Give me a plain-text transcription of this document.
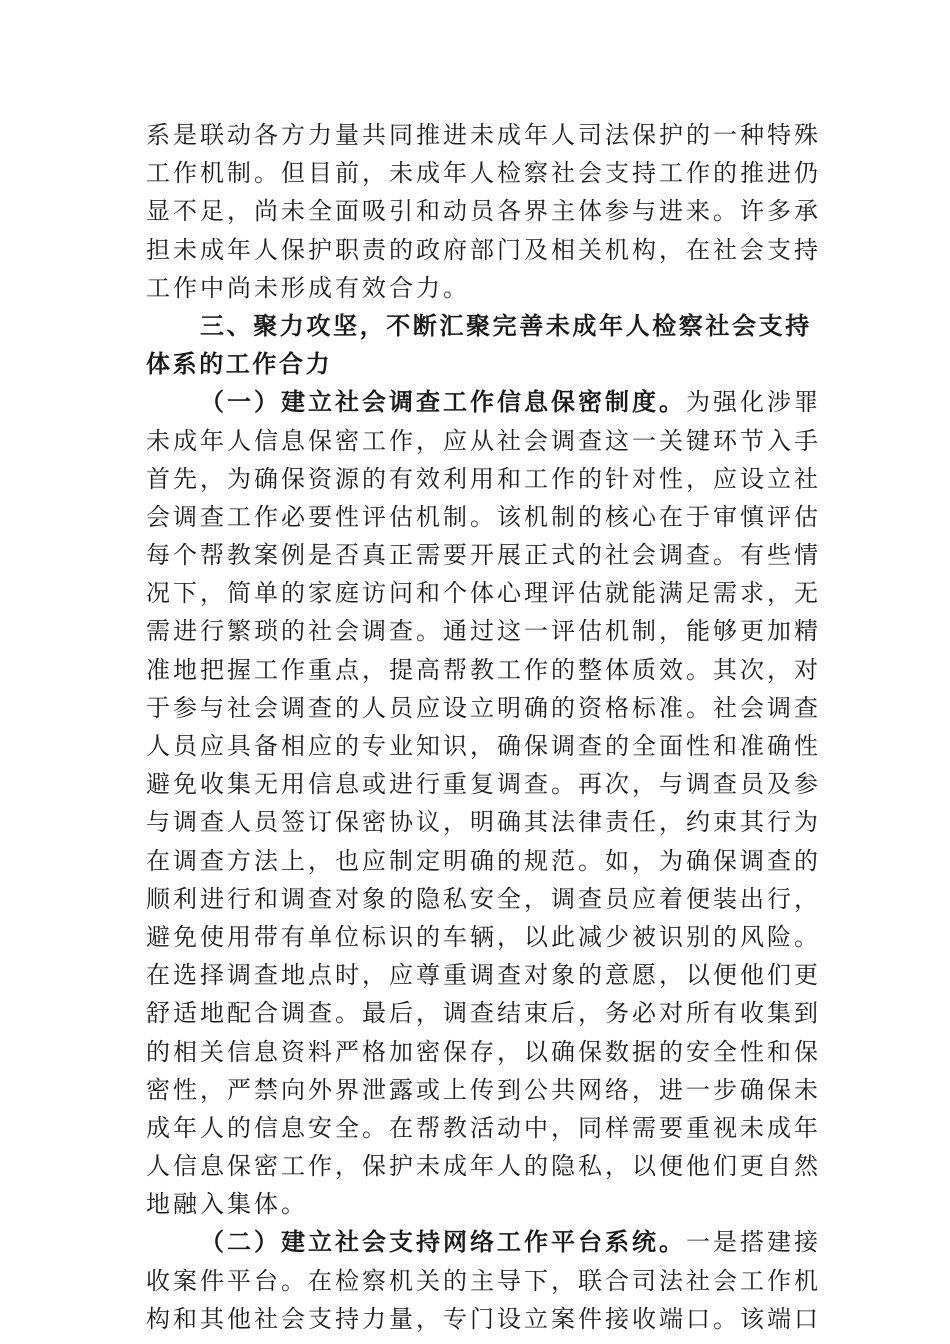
系是联动各方力量共同推进未成年人司法保护的一种特殊
工作机制。但目前，未成年人检察社会支持工作的推进仍
显不足，尚未全面吸引和动员各界主体参与进来。许多承
担未成年人保护职责的政府部门及相关机构，在社会支持
工作中尚未形成有效合力。
三、聚力攻坚，不断汇聚完善未成年人检察社会支持
体系的工作合力
（一）建立社会调查工作信息保密制度。为强化涉罪
未成年人信息保密工作，应从社会调查这一关键环节入手
首先，为确保资源的有效利用和工作的针对性，应设立社
会调查工作必要性评估机制。该机制的核心在于审慎评估
每个帮教案例是否真正需要开展正式的社会调查。有些情
况下，简单的家庭访问和个体心理评估就能满足需求，无
需进行繁琐的社会调查。通过这一评估机制，能够更加精
准地把握工作重点，提高帮教工作的整体质效。其次，对
于参与社会调查的人员应设立明确的资格标准。社会调查
人员应具备相应的专业知识，确保调查的全面性和准确性
避免收集无用信息或进行重复调查。再次，与调查员及参
与调查人员签订保密协议，明确其法律责任，约束其行为
在调查方法上，也应制定明确的规范。如，为确保调查的
顺利进行和调查对象的隐私安全，调查员应着便装出行，
避免使用带有单位标识的车辆，以此减少被识别的风险。
在选择调查地点时，应尊重调查对象的意愿，以便他们更
舒适地配合调查。最后，调查结束后，务必对所有收集到
的相关信息资料严格加密保存，以确保数据的安全性和保
密性，严禁向外界泄露或上传到公共网络，进一步确保未
成年人的信息安全。在帮教活动中，同样需要重视未成年
人信息保密工作，保护未成年人的隐私，以便他们更自然
地融入集体。
（二）建立社会支持网络工作平台系统。一是搭建接
收案件平台。在检察机关的主导下，联合司法社会工作机
构和其他社会支持力量，专门设立案件接收端口。该端口
